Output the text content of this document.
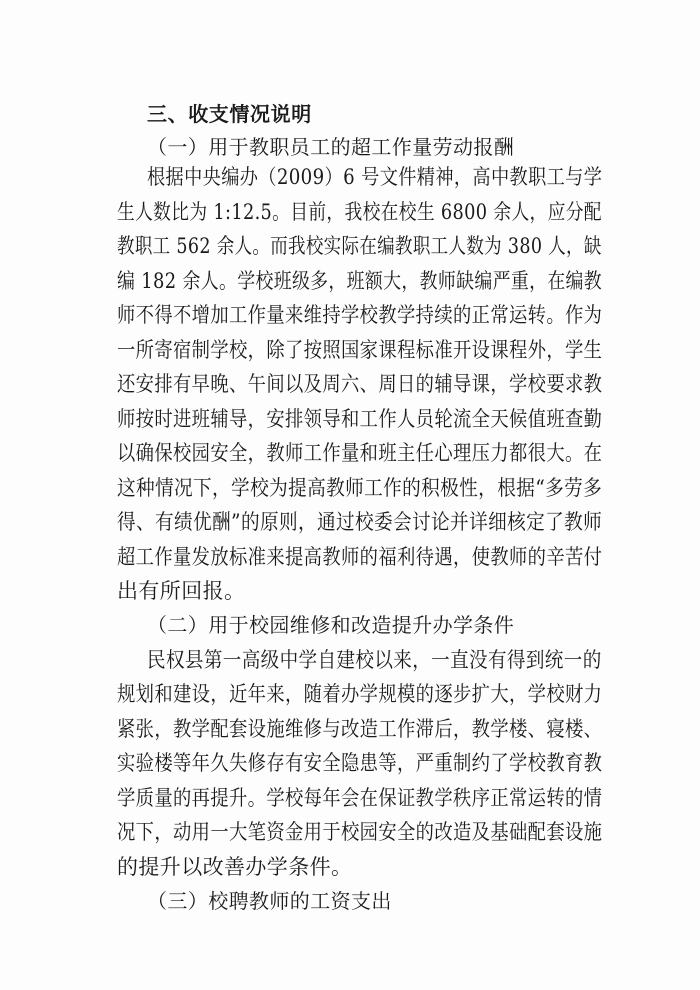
三、收支情况说明
（一）用于教职员工的超工作量劳动报酬
根据中央编办（2009）6 号文件精神，高中教职工与学
生人数比为 1:12.5。目前，我校在校生 6800 余人，应分配
教职工 562 余人。而我校实际在编教职工人数为 380 人，缺
编 182 余人。学校班级多，班额大，教师缺编严重，在编教
师不得不增加工作量来维持学校教学持续的正常运转。作为
一所寄宿制学校，除了按照国家课程标准开设课程外，学生
还安排有早晚、午间以及周六、周日的辅导课，学校要求教
师按时进班辅导，安排领导和工作人员轮流全天候值班查勤
以确保校园安全，教师工作量和班主任心理压力都很大。在
这种情况下，学校为提高教师工作的积极性，根据“多劳多
得、有绩优酬”的原则，通过校委会讨论并详细核定了教师
超工作量发放标准来提高教师的福利待遇，使教师的辛苦付
出有所回报。
（二）用于校园维修和改造提升办学条件
民权县第一高级中学自建校以来，一直没有得到统一的
规划和建设，近年来，随着办学规模的逐步扩大，学校财力
紧张，教学配套设施维修与改造工作滞后，教学楼、寝楼、
实验楼等年久失修存有安全隐患等，严重制约了学校教育教
学质量的再提升。学校每年会在保证教学秩序正常运转的情
况下，动用一大笔资金用于校园安全的改造及基础配套设施
的提升以改善办学条件。
（三）校聘教师的工资支出
